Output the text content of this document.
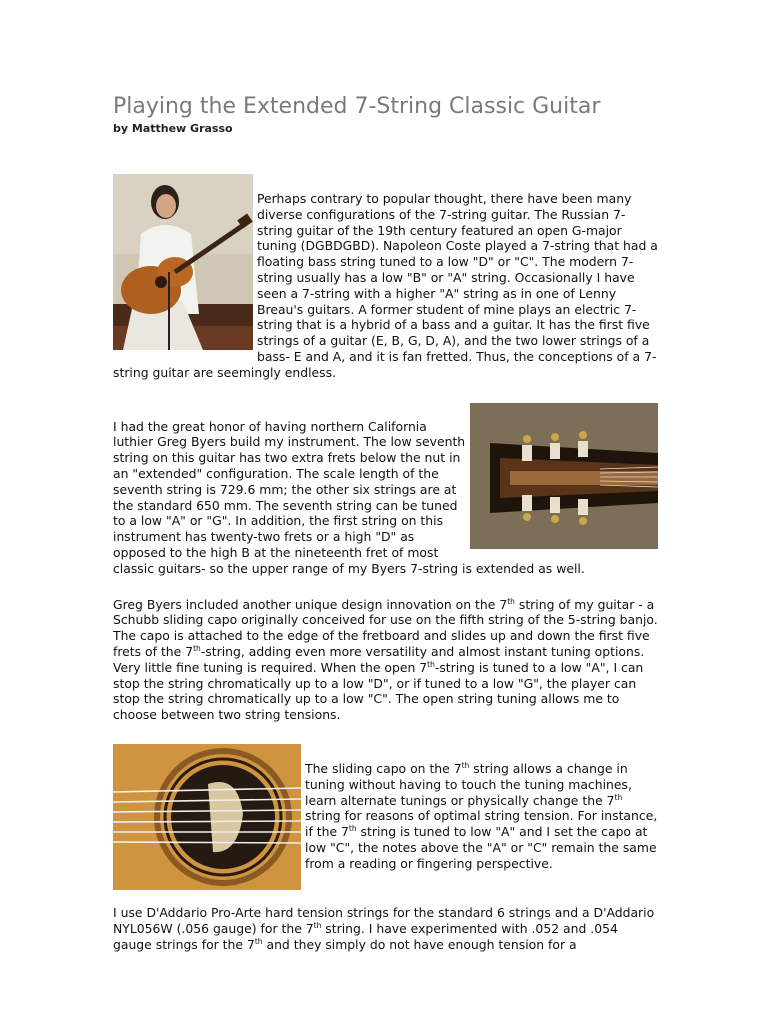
Playing the Extended 7-String Classic Guitar
by Matthew Grasso

Perhaps contrary to popular thought, there have been many diverse configurations of the 7-string guitar. The Russian 7-string guitar of the 19th century featured an open G-major tuning (DGBDGBD). Napoleon Coste played a 7-string that had a floating bass string tuned to a low "D" or "C". The modern 7-string usually has a low "B" or "A" string. Occasionally I have seen a 7-string with a higher "A" string as in one of Lenny Breau's guitars. A former student of mine plays an electric 7-string that is a hybrid of a bass and a guitar. It has the first five strings of a guitar (E, B, G, D, A), and the two lower strings of a bass- E and A, and it is fan fretted. Thus, the conceptions of a 7-string guitar are seemingly endless.

I had the great honor of having northern California luthier Greg Byers build my instrument. The low seventh string on this guitar has two extra frets below the nut in an "extended" configuration. The scale length of the seventh string is 729.6 mm; the other six strings are at the standard 650 mm. The seventh string can be tuned to a low "A" or "G". In addition, the first string on this instrument has twenty-two frets or a high "D" as opposed to the high B at the nineteenth fret of most classic guitars- so the upper range of my Byers 7-string is extended as well.

Greg Byers included another unique design innovation on the 7th string of my guitar - a Schubb sliding capo originally conceived for use on the fifth string of the 5-string banjo. The capo is attached to the edge of the fretboard and slides up and down the first five frets of the 7th-string, adding even more versatility and almost instant tuning options. Very little fine tuning is required. When the open 7th-string is tuned to a low "A", I can stop the string chromatically up to a low "D", or if tuned to a low "G", the player can stop the string chromatically up to a low "C". The open string tuning allows me to choose between two string tensions.

The sliding capo on the 7th string allows a change in tuning without having to touch the tuning machines, learn alternate tunings or physically change the 7th string for reasons of optimal string tension. For instance, if the 7th string is tuned to low "A" and I set the capo at low "C", the notes above the "A" or "C" remain the same from a reading or fingering perspective.

I use D'Addario Pro-Arte hard tension strings for the standard 6 strings and a D'Addario NYL056W (.056 gauge) for the 7th string. I have experimented with .052 and .054 gauge strings for the 7th and they simply do not have enough tension for a
